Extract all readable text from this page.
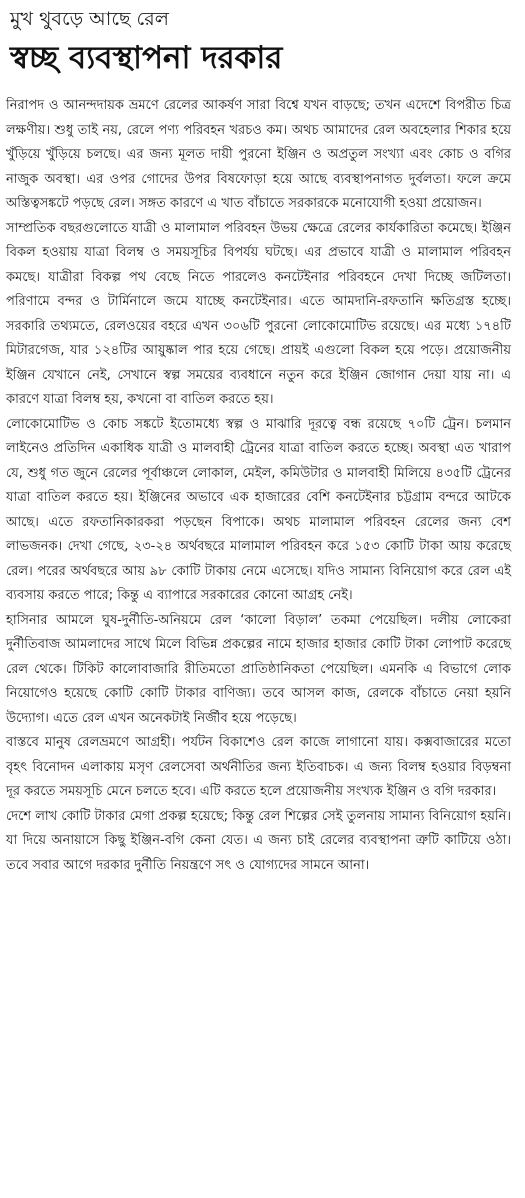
মুখ থুবড়ে আছে রেল
স্বচ্ছ ব্যবস্থাপনা দরকার

নিরাপদ ও আনন্দদায়ক ভ্রমণে রেলের আকর্ষণ সারা বিশ্বে যখন বাড়ছে; তখন এদেশে বিপরীত চিত্র লক্ষণীয়। শুধু তাই নয়, রেলে পণ্য পরিবহন খরচও কম। অথচ আমাদের রেল অবহেলার শিকার হয়ে খুঁড়িয়ে খুঁড়িয়ে চলছে। এর জন্য মূলত দায়ী পুরনো ইঞ্জিন ও অপ্রতুল সংখ্যা এবং কোচ ও বগির নাজুক অবস্থা। এর ওপর গোদের উপর বিষফোড়া হয়ে আছে ব্যবস্থাপনাগত দুর্বলতা। ফলে ক্রমে অস্তিত্বসঙ্কটে পড়ছে রেল। সঙ্গত কারণে এ খাত বাঁচাতে সরকারকে মনোযোগী হওয়া প্রয়োজন।

সাম্প্রতিক বছরগুলোতে যাত্রী ও মালামাল পরিবহন উভয় ক্ষেত্রে রেলের কার্যকারিতা কমেছে। ইঞ্জিন বিকল হওয়ায় যাত্রা বিলম্ব ও সময়সূচির বিপর্যয় ঘটছে। এর প্রভাবে যাত্রী ও মালামাল পরিবহন কমছে। যাত্রীরা বিকল্প পথ বেছে নিতে পারলেও কনটেইনার পরিবহনে দেখা দিচ্ছে জটিলতা। পরিণামে বন্দর ও টার্মিনালে জমে যাচ্ছে কনটেইনার। এতে আমদানি-রফতানি ক্ষতিগ্রস্ত হচ্ছে। সরকারি তথ্যমতে, রেলওয়ের বহরে এখন ৩০৬টি পুরনো লোকোমোটিভ রয়েছে। এর মধ্যে ১৭৪টি মিটারগেজ, যার ১২৪টির আয়ুষ্কাল পার হয়ে গেছে। প্রায়ই এগুলো বিকল হয়ে পড়ে। প্রয়োজনীয় ইঞ্জিন যেখানে নেই, সেখানে স্বল্প সময়ের ব্যবধানে নতুন করে ইঞ্জিন জোগান দেয়া যায় না। এ কারণে যাত্রা বিলম্ব হয়, কখনো বা বাতিল করতে হয়।

লোকোমোটিভ ও কোচ সঙ্কটে ইতোমধ্যে স্বল্প ও মাঝারি দূরত্বে বন্ধ রয়েছে ৭০টি ট্রেন। চলমান লাইনেও প্রতিদিন একাধিক যাত্রী ও মালবাহী ট্রেনের যাত্রা বাতিল করতে হচ্ছে। অবস্থা এত খারাপ যে, শুধু গত জুনে রেলের পূর্বাঞ্চলে লোকাল, মেইল, কমিউটার ও মালবাহী মিলিয়ে ৪৩৫টি ট্রেনের যাত্রা বাতিল করতে হয়। ইঞ্জিনের অভাবে এক হাজারের বেশি কনটেইনার চট্টগ্রাম বন্দরে আটকে আছে। এতে রফতানিকারকরা পড়ছেন বিপাকে। অথচ মালামাল পরিবহন রেলের জন্য বেশ লাভজনক। দেখা গেছে, ২৩-২৪ অর্থবছরে মালামাল পরিবহন করে ১৫৩ কোটি টাকা আয় করেছে রেল। পরের অর্থবছরে আয় ৯৮ কোটি টাকায় নেমে এসেছে। যদিও সামান্য বিনিয়োগ করে রেল এই ব্যবসায় করতে পারে; কিন্তু এ ব্যাপারে সরকারের কোনো আগ্রহ নেই।

হাসিনার আমলে ঘুষ-দুর্নীতি-অনিয়মে রেল ‘কালো বিড়াল’ তকমা পেয়েছিল। দলীয় লোকেরা দুর্নীতিবাজ আমলাদের সাথে মিলে বিভিন্ন প্রকল্পের নামে হাজার হাজার কোটি টাকা লোপাট করেছে রেল থেকে। টিকিট কালোবাজারি রীতিমতো প্রাতিষ্ঠানিকতা পেয়েছিল। এমনকি এ বিভাগে লোক নিয়োগেও হয়েছে কোটি কোটি টাকার বাণিজ্য। তবে আসল কাজ, রেলকে বাঁচাতে নেয়া হয়নি উদ্যোগ। এতে রেল এখন অনেকটাই নির্জীব হয়ে পড়েছে।

বাস্তবে মানুষ রেলভ্রমণে আগ্রহী। পর্যটন বিকাশেও রেল কাজে লাগানো যায়। কক্সবাজারের মতো বৃহৎ বিনোদন এলাকায় মসৃণ রেলসেবা অর্থনীতির জন্য ইতিবাচক। এ জন্য বিলম্ব হওয়ার বিড়ম্বনা দূর করতে সময়সূচি মেনে চলতে হবে। এটি করতে হলে প্রয়োজনীয় সংখ্যক ইঞ্জিন ও বগি দরকার।

দেশে লাখ কোটি টাকার মেগা প্রকল্প হয়েছে; কিন্তু রেল শিল্পের সেই তুলনায় সামান্য বিনিয়োগ হয়নি। যা দিয়ে অনায়াসে কিছু ইঞ্জিন-বগি কেনা যেত। এ জন্য চাই রেলের ব্যবস্থাপনা ত্রুটি কাটিয়ে ওঠা। তবে সবার আগে দরকার দুর্নীতি নিয়ন্ত্রণে সৎ ও যোগ্যদের সামনে আনা।
